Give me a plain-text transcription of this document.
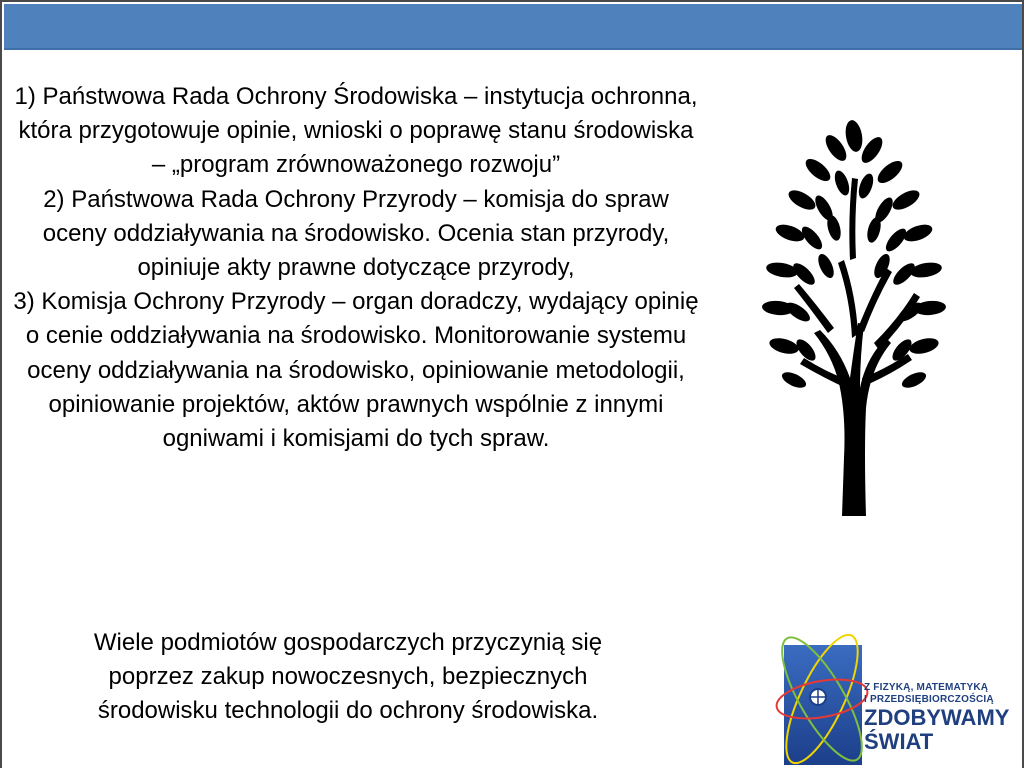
1) Państwowa Rada Ochrony Środowiska – instytucja ochronna, która przygotowuje opinie, wnioski o poprawę stanu środowiska – „program zrównoważonego rozwoju”

2) Państwowa Rada Ochrony Przyrody – komisja do spraw oceny oddziaływania na środowisko. Ocenia stan przyrody, opiniuje akty prawne dotyczące przyrody,

3) Komisja Ochrony Przyrody – organ doradczy, wydający opinię o cenie oddziaływania na środowisko. Monitorowanie systemu oceny oddziaływania na środowisko, opiniowanie metodologii, opiniowanie projektów, aktów prawnych wspólnie z innymi ogniwami i komisjami do tych spraw.

Wiele podmiotów gospodarczych przyczynią się poprzez zakup nowoczesnych, bezpiecznych środowisku technologii do ochrony środowiska.
Z FIZYKĄ, MATEMATYKĄ
I PRZEDSIĘBIORCZOŚCIĄ
ZDOBYWAMY
ŚWIAT
